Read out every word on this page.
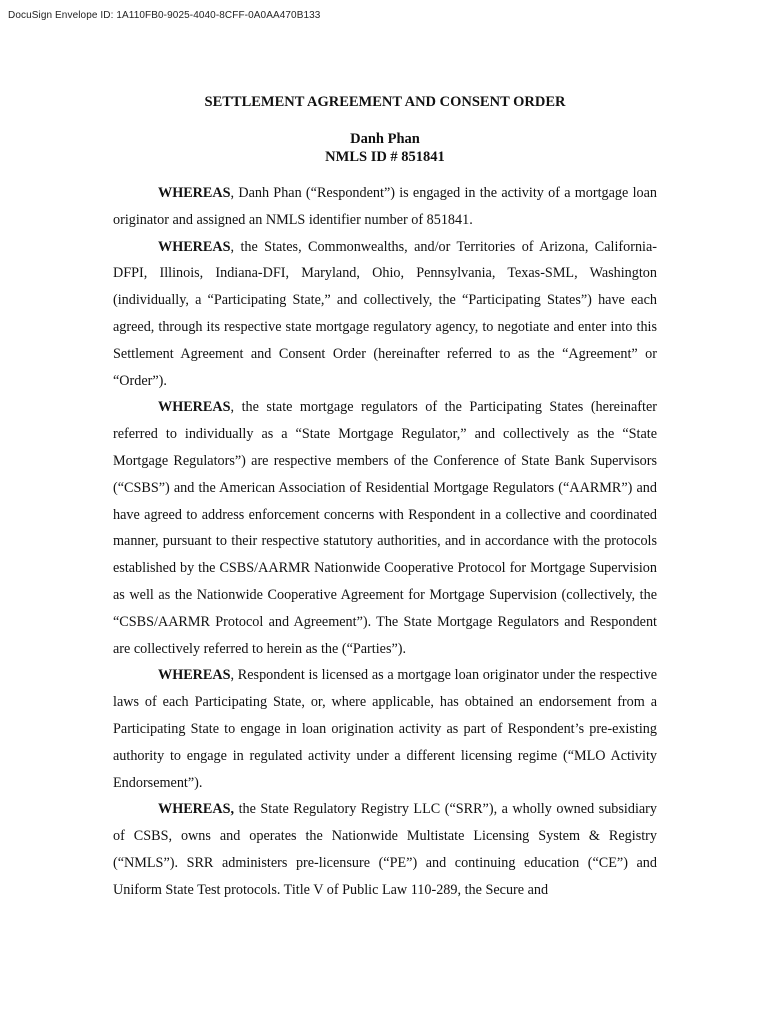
DocuSign Envelope ID: 1A110FB0-9025-4040-8CFF-0A0AA470B133
SETTLEMENT AGREEMENT AND CONSENT ORDER
Danh Phan
NMLS ID # 851841

WHEREAS, Danh Phan (“Respondent”) is engaged in the activity of a mortgage loan originator and assigned an NMLS identifier number of 851841.

WHEREAS, the States, Commonwealths, and/or Territories of Arizona, California-DFPI, Illinois, Indiana-DFI, Maryland, Ohio, Pennsylvania, Texas-SML, Washington (individually, a “Participating State,” and collectively, the “Participating States”) have each agreed, through its respective state mortgage regulatory agency, to negotiate and enter into this Settlement Agreement and Consent Order (hereinafter referred to as the “Agreement” or “Order”).

WHEREAS, the state mortgage regulators of the Participating States (hereinafter referred to individually as a “State Mortgage Regulator,” and collectively as the “State Mortgage Regulators”) are respective members of the Conference of State Bank Supervisors (“CSBS”) and the American Association of Residential Mortgage Regulators (“AARMR”) and have agreed to address enforcement concerns with Respondent in a collective and coordinated manner, pursuant to their respective statutory authorities, and in accordance with the protocols established by the CSBS/AARMR Nationwide Cooperative Protocol for Mortgage Supervision as well as the Nationwide Cooperative Agreement for Mortgage Supervision (collectively, the “CSBS/AARMR Protocol and Agreement”). The State Mortgage Regulators and Respondent are collectively referred to herein as the (“Parties”).

WHEREAS, Respondent is licensed as a mortgage loan originator under the respective laws of each Participating State, or, where applicable, has obtained an endorsement from a Participating State to engage in loan origination activity as part of Respondent’s pre-existing authority to engage in regulated activity under a different licensing regime (“MLO Activity Endorsement”).

WHEREAS, the State Regulatory Registry LLC (“SRR”), a wholly owned subsidiary of CSBS, owns and operates the Nationwide Multistate Licensing System & Registry (“NMLS”). SRR administers pre-licensure (“PE”) and continuing education (“CE”) and Uniform State Test protocols. Title V of Public Law 110-289, the Secure and
